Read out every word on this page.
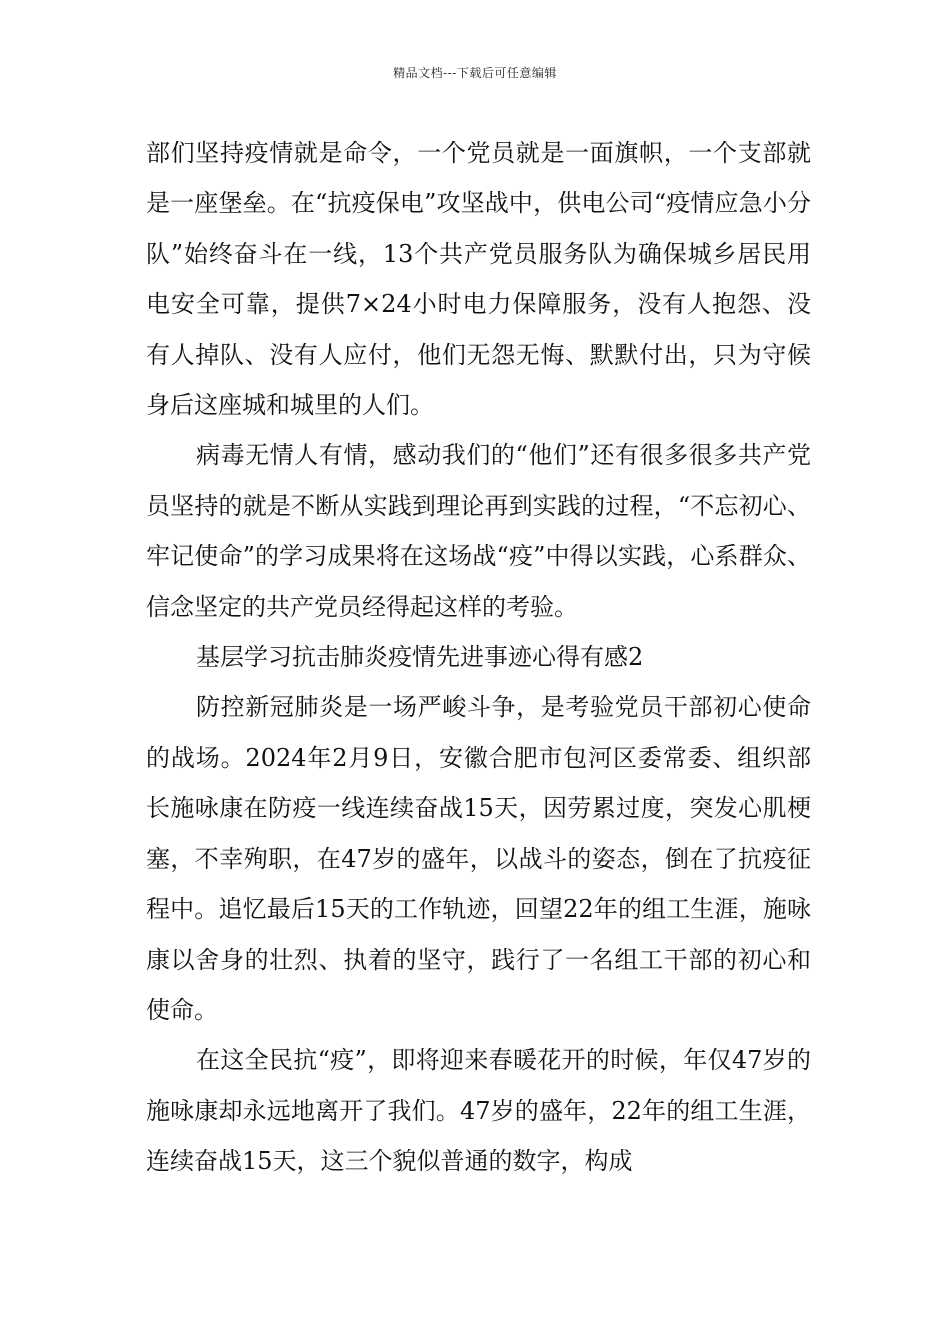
精品文档---下载后可任意编辑

部们坚持疫情就是命令，一个党员就是一面旗帜，一个支部就是一座堡垒。在“抗疫保电”攻坚战中，供电公司“疫情应急小分队”始终奋斗在一线，13个共产党员服务队为确保城乡居民用电安全可靠，提供7×24小时电力保障服务，没有人抱怨、没有人掉队、没有人应付，他们无怨无悔、默默付出，只为守候身后这座城和城里的人们。

病毒无情人有情，感动我们的“他们”还有很多很多共产党员坚持的就是不断从实践到理论再到实践的过程，“不忘初心、牢记使命”的学习成果将在这场战“疫”中得以实践，心系群众、信念坚定的共产党员经得起这样的考验。

基层学习抗击肺炎疫情先进事迹心得有感2

防控新冠肺炎是一场严峻斗争，是考验党员干部初心使命的战场。2024年2月9日，安徽合肥市包河区委常委、组织部长施咏康在防疫一线连续奋战15天，因劳累过度，突发心肌梗塞，不幸殉职，在47岁的盛年，以战斗的姿态，倒在了抗疫征程中。追忆最后15天的工作轨迹，回望22年的组工生涯，施咏康以舍身的壮烈、执着的坚守，践行了一名组工干部的初心和使命。

在这全民抗“疫”，即将迎来春暖花开的时候，年仅47岁的施咏康却永远地离开了我们。47岁的盛年，22年的组工生涯，连续奋战15天，这三个貌似普通的数字，构成
